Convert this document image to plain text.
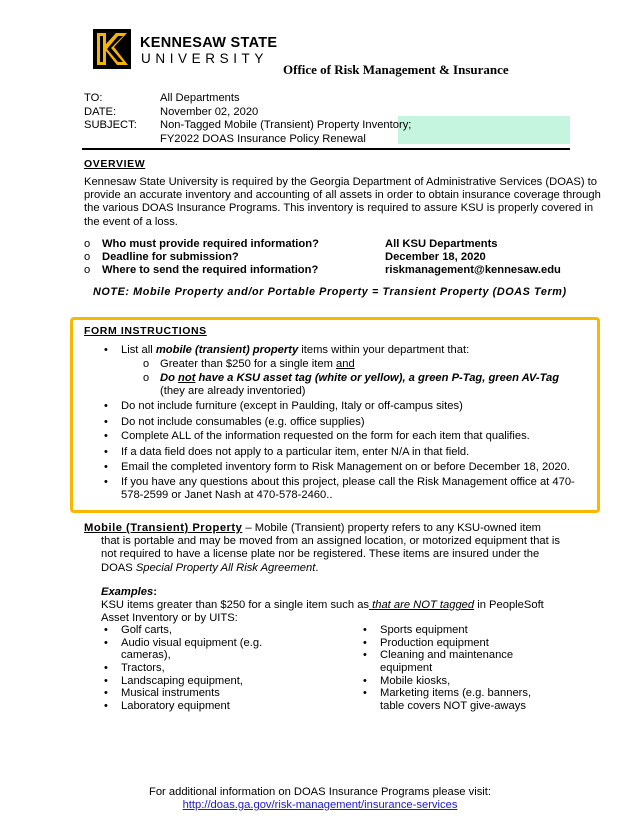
KENNESAW STATE
UNIVERSITY
Office of Risk Management & Insurance
TO:	All Departments
DATE:	November 02, 2020
SUBJECT:	Non-Tagged Mobile (Transient) Property Inventory;
	FY2022 DOAS Insurance Policy Renewal
OVERVIEW
Kennesaw State University is required by the Georgia Department of Administrative Services (DOAS) to
provide an accurate inventory and accounting of all assets in order to obtain insurance coverage through
the various DOAS Insurance Programs. This inventory is required to assure KSU is properly covered in
the event of a loss.
o Who must provide required information?	All KSU Departments
o Deadline for submission?	December 18, 2020
o Where to send the required information?	riskmanagement@kennesaw.edu
NOTE: Mobile Property and/or Portable Property = Transient Property (DOAS Term)
FORM INSTRUCTIONS
• List all mobile (transient) property items within your department that:
o Greater than $250 for a single item and
o Do not have a KSU asset tag (white or yellow), a green P-Tag, green AV-Tag
(they are already inventoried)
• Do not include furniture (except in Paulding, Italy or off-campus sites)
• Do not include consumables (e.g. office supplies)
• Complete ALL of the information requested on the form for each item that qualifies.
• If a data field does not apply to a particular item, enter N/A in that field.
• Email the completed inventory form to Risk Management on or before December 18, 2020.
• If you have any questions about this project, please call the Risk Management office at 470-
578-2599 or Janet Nash at 470-578-2460..
Mobile (Transient) Property – Mobile (Transient) property refers to any KSU-owned item
that is portable and may be moved from an assigned location, or motorized equipment that is
not required to have a license plate nor be registered. These items are insured under the
DOAS Special Property All Risk Agreement.
Examples:
KSU items greater than $250 for a single item such as that are NOT tagged in PeopleSoft
Asset Inventory or by UITS:
• Golf carts,
• Audio visual equipment (e.g.
cameras),
• Tractors,
• Landscaping equipment,
• Musical instruments
• Laboratory equipment
• Sports equipment
• Production equipment
• Cleaning and maintenance
equipment
• Mobile kiosks,
• Marketing items (e.g. banners,
table covers NOT give-aways
For additional information on DOAS Insurance Programs please visit:
http://doas.ga.gov/risk-management/insurance-services
